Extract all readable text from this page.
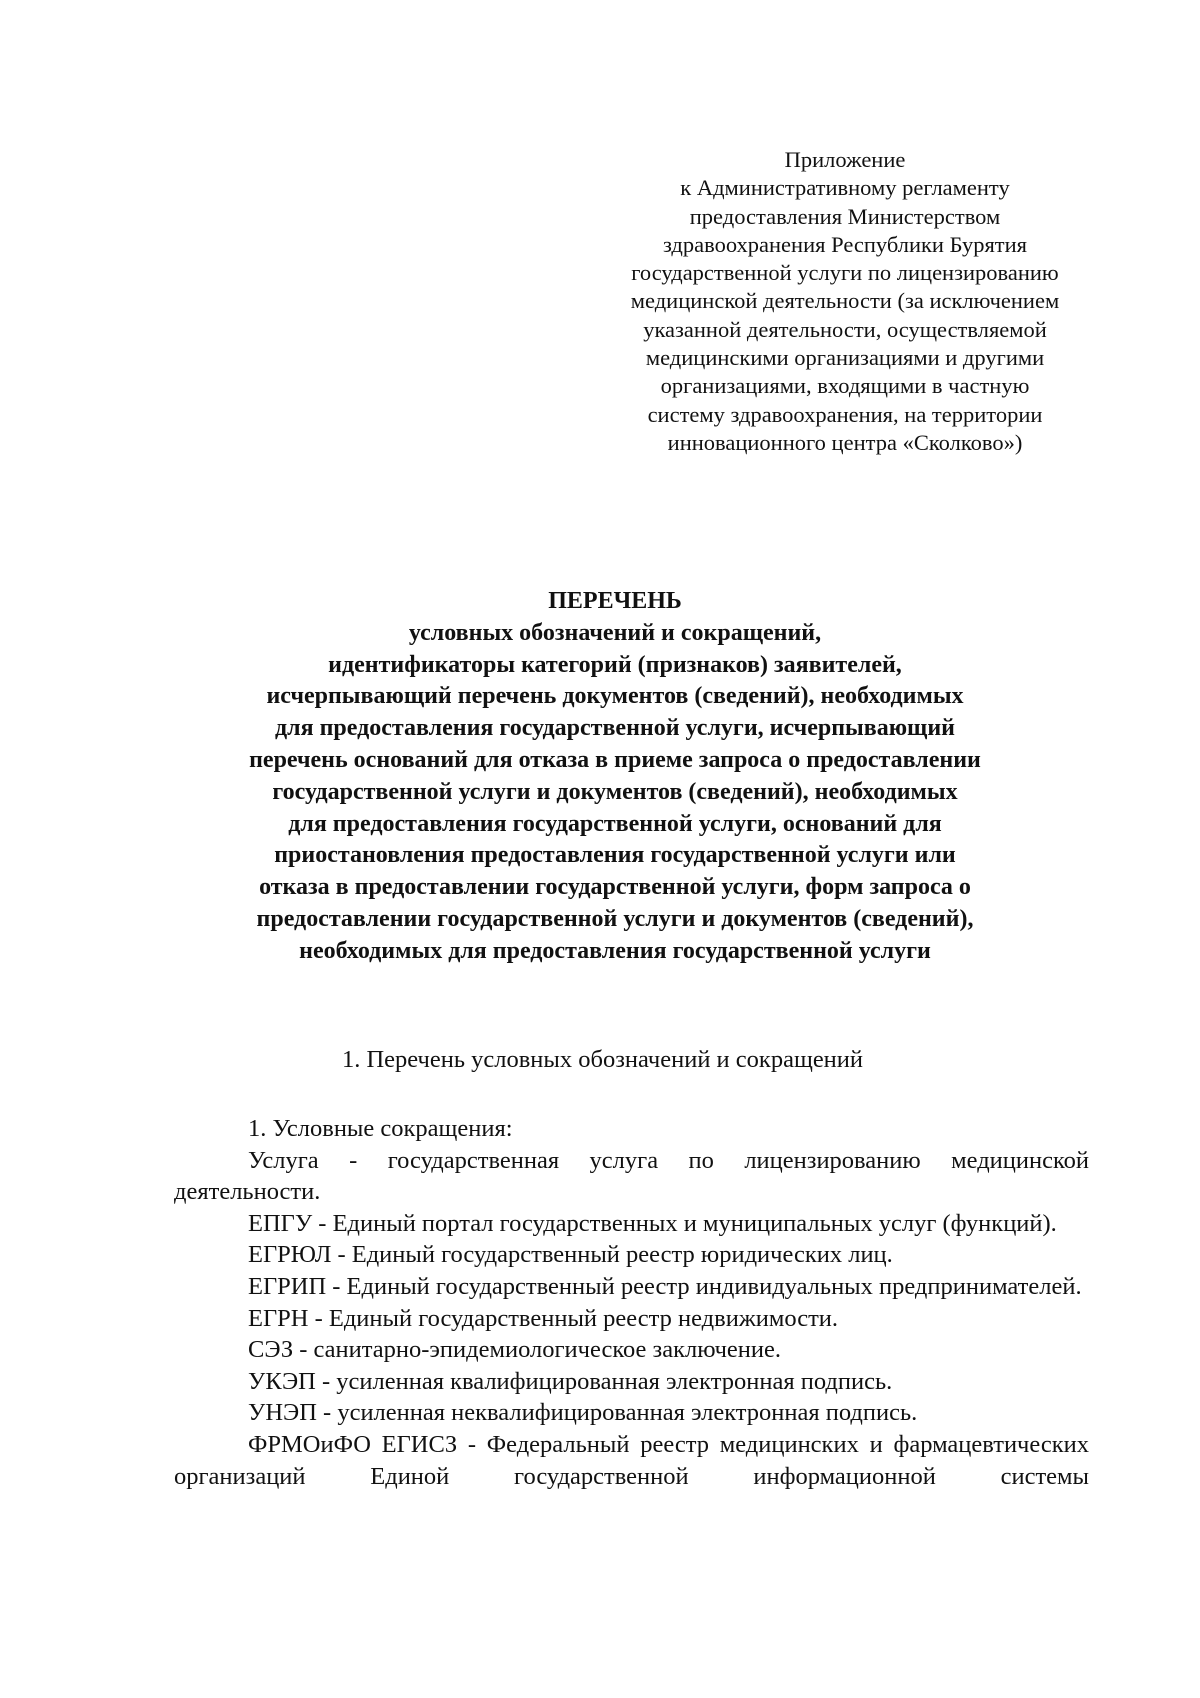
Приложение
к Административному регламенту
предоставления Министерством
здравоохранения Республики Бурятия
государственной услуги по лицензированию
медицинской деятельности (за исключением
указанной деятельности, осуществляемой
медицинскими организациями и другими
организациями, входящими в частную
систему здравоохранения, на территории
инновационного центра «Сколково»)
ПЕРЕЧЕНЬ
условных обозначений и сокращений,
идентификаторы категорий (признаков) заявителей,
исчерпывающий перечень документов (сведений), необходимых
для предоставления государственной услуги, исчерпывающий
перечень оснований для отказа в приеме запроса о предоставлении
государственной услуги и документов (сведений), необходимых
для предоставления государственной услуги, оснований для
приостановления предоставления государственной услуги или
отказа в предоставлении государственной услуги, форм запроса о
предоставлении государственной услуги и документов (сведений),
необходимых для предоставления государственной услуги
1. Перечень условных обозначений и сокращений

1. Условные сокращения:

Услуга - государственная услуга по лицензированию медицинской деятельности.

ЕПГУ - Единый портал государственных и муниципальных услуг (функций).

ЕГРЮЛ - Единый государственный реестр юридических лиц.

ЕГРИП - Единый государственный реестр индивидуальных предпринимателей.

ЕГРН - Единый государственный реестр недвижимости.

СЭЗ - санитарно-эпидемиологическое заключение.

УКЭП - усиленная квалифицированная электронная подпись.

УНЭП - усиленная неквалифицированная электронная подпись.

ФРМОиФО ЕГИСЗ - Федеральный реестр медицинских и фармацевтических организаций Единой государственной информационной системы
